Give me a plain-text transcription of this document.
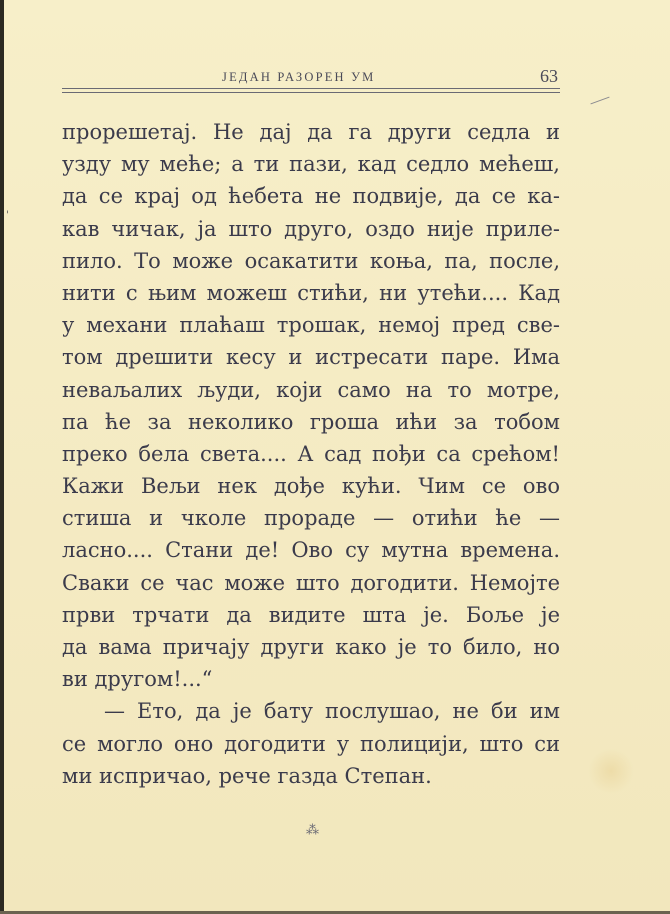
'
ЈЕДАН РАЗОРЕН УМ	63
прорешетај. Не дај да га други седла и
узду му меће; а ти пази, кад седло мећеш,
да се крај од ћебета не подвије, да се ка-
кав чичак, ја што друго, оздо није прилe-
пило. То може осакатити коња, па, после,
нити с њим можеш стићи, ни утећи.... Кад
у механи плаћаш трошак, немој пред све-
том дрешити кесу и истресати паре. Има
неваљалих људи, који само на то мотре,
па ће за неколико гроша ићи за тобом
преко бела света.... А сад пођи са срећом!
Кажи Вељи нек дође кући. Чим се ово
стиша и чколе прораде — отићи ће —
ласно.... Стани де! Ово су мутна времена.
Сваки се час може што догодити. Немојте
први трчати да видите шта је. Боље је
да вама причају други како је то било, но
ви другом!...“
— Ето, да је бату послушао, не би им
се могло оно догодити у полицији, што си
ми испричао, рече газда Степан.
⁂
